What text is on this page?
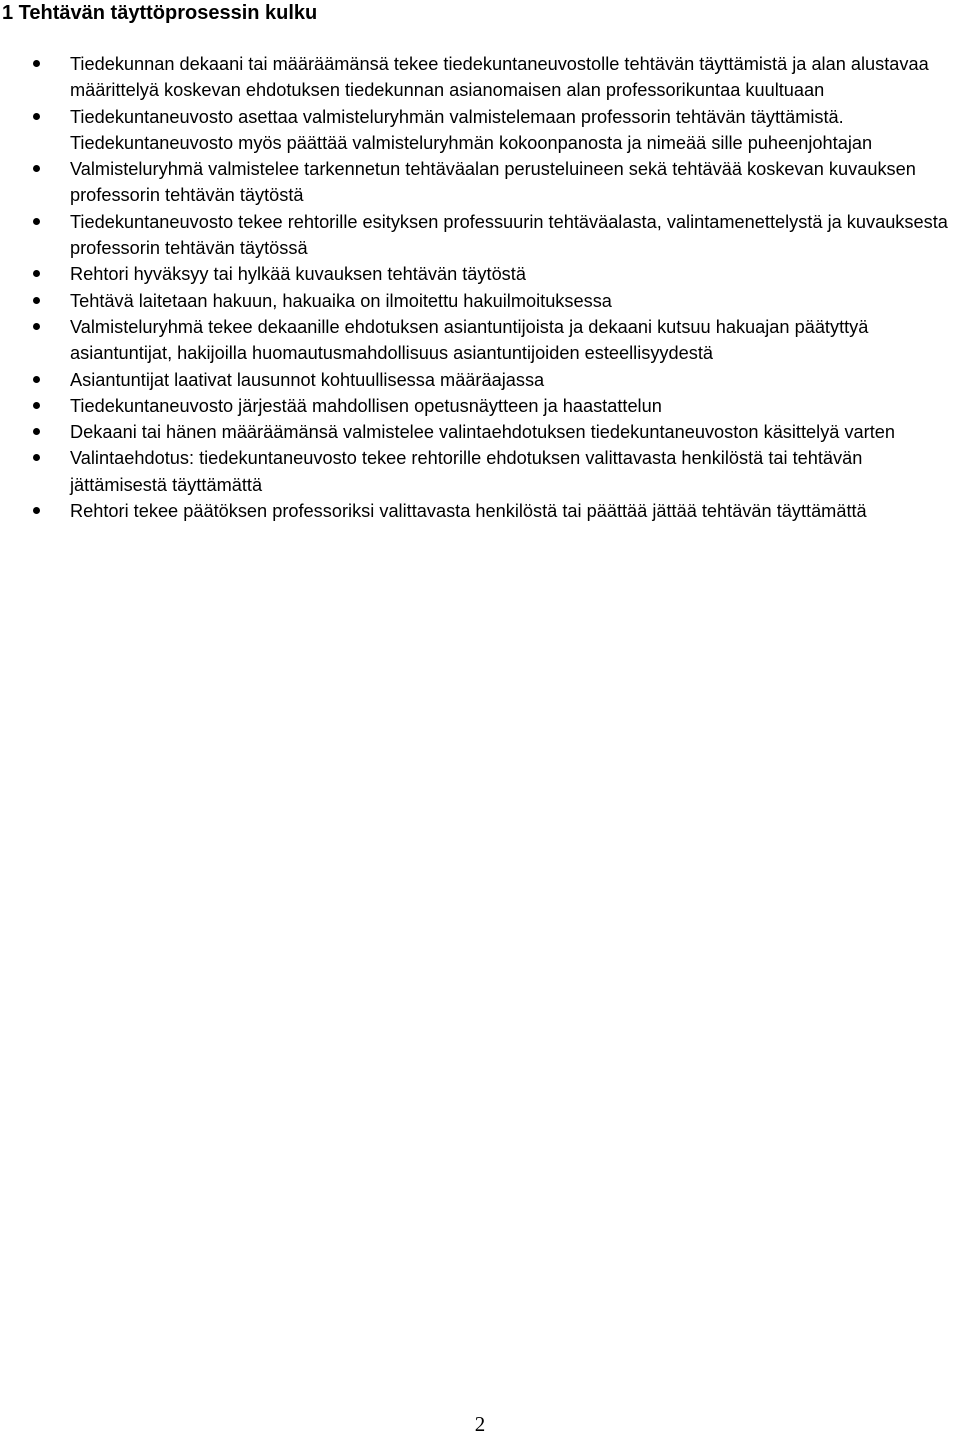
1 Tehtävän täyttöprosessin kulku
Tiedekunnan dekaani tai määräämänsä tekee tiedekuntaneuvostolle tehtävän täyttämistä ja alan alustavaa määrittelyä koskevan ehdotuksen tiedekunnan asianomaisen alan professorikuntaa kuultuaan
Tiedekuntaneuvosto asettaa valmisteluryhmän valmistelemaan professorin tehtävän täyttämistä. Tiedekuntaneuvosto myös päättää valmisteluryhmän kokoonpanosta ja nimeää sille puheenjohtajan
Valmisteluryhmä valmistelee tarkennetun tehtäväalan perusteluineen sekä tehtävää koskevan kuvauksen professorin tehtävän täytöstä
Tiedekuntaneuvosto tekee rehtorille esityksen professuurin tehtäväalasta, valintamenettelystä ja kuvauksesta professorin tehtävän täytössä
Rehtori hyväksyy tai hylkää kuvauksen tehtävän täytöstä
Tehtävä laitetaan hakuun, hakuaika on ilmoitettu hakuilmoituksessa
Valmisteluryhmä tekee dekaanille ehdotuksen asiantuntijoista ja dekaani kutsuu hakuajan päätyttyä asiantuntijat, hakijoilla huomautusmahdollisuus asiantuntijoiden esteellisyydestä
Asiantuntijat laativat lausunnot kohtuullisessa määräajassa
Tiedekuntaneuvosto järjestää mahdollisen opetusnäytteen ja haastattelun
Dekaani tai hänen määräämänsä valmistelee valintaehdotuksen tiedekuntaneuvoston käsittelyä varten
Valintaehdotus: tiedekuntaneuvosto tekee rehtorille ehdotuksen valittavasta henkilöstä tai tehtävän jättämisestä täyttämättä
Rehtori tekee päätöksen professoriksi valittavasta henkilöstä tai päättää jättää tehtävän täyttämättä
2
